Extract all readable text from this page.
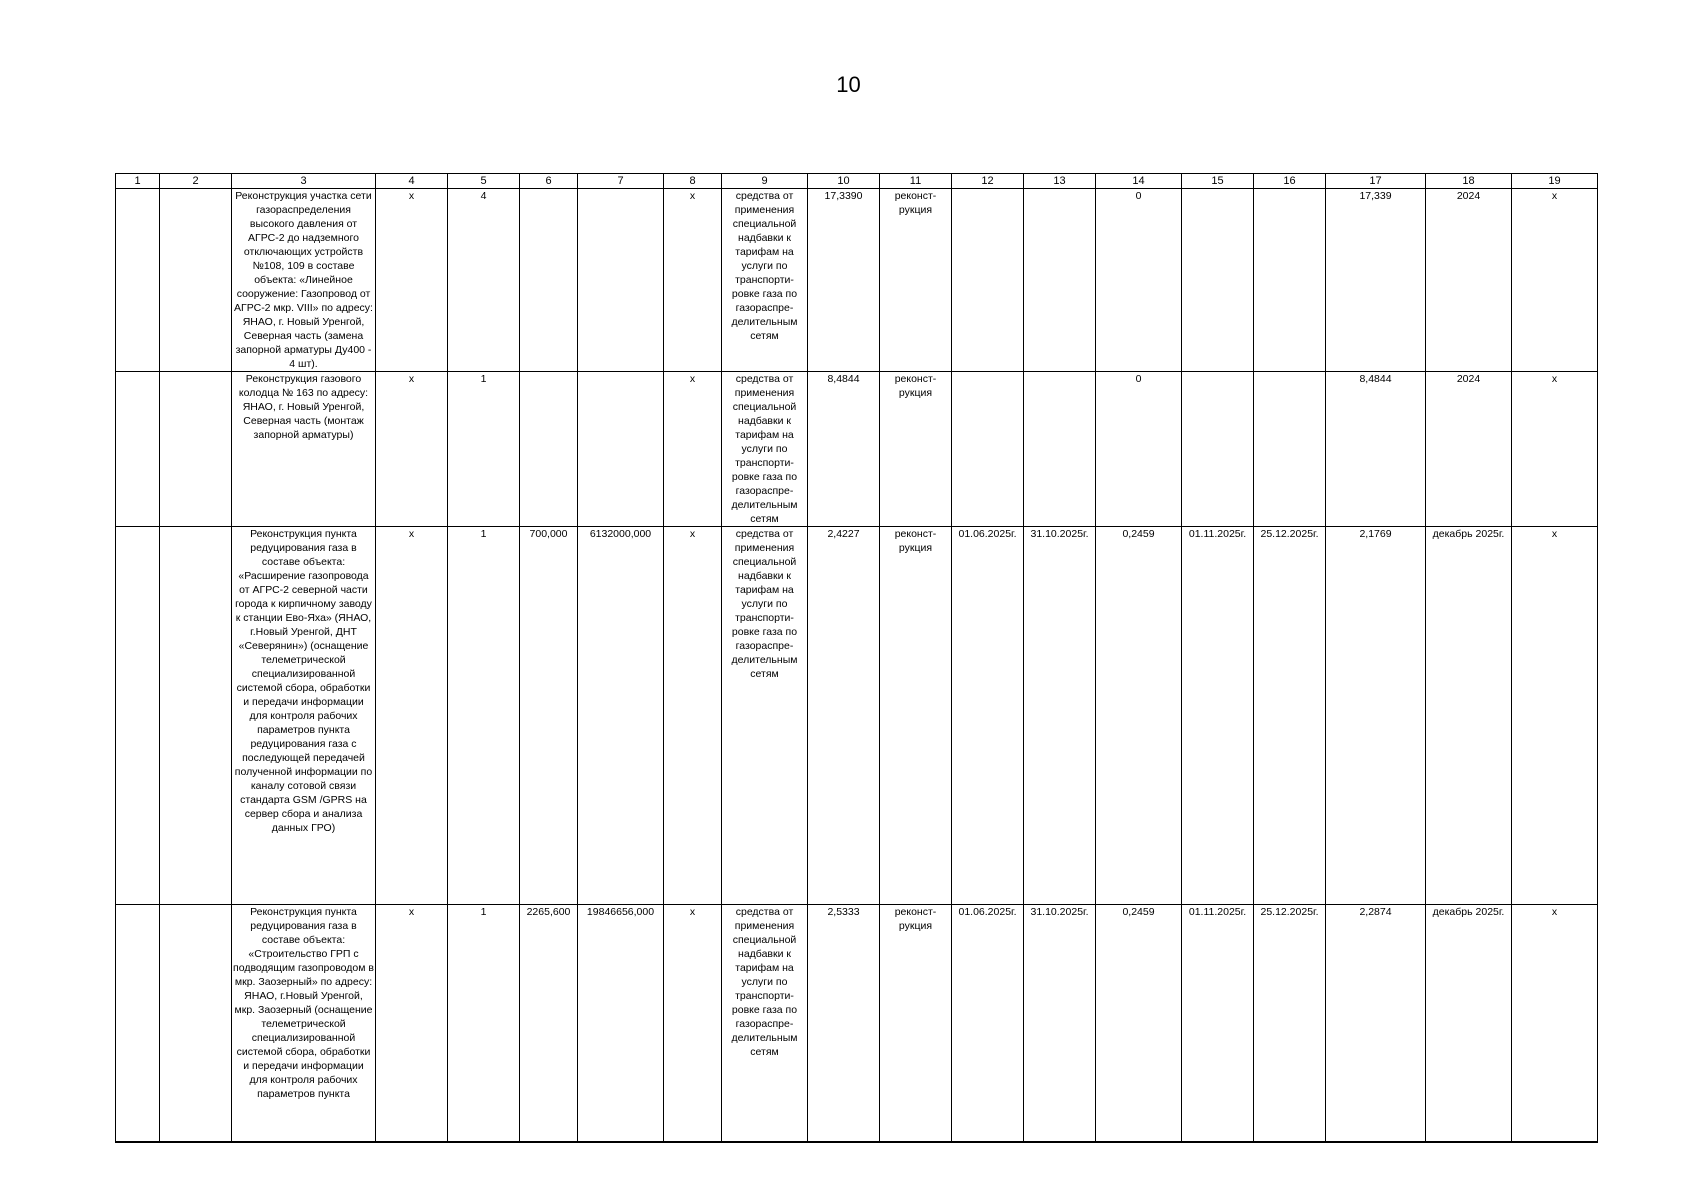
10
1	2	3	4	5	6	7	8	9	10	11	12	13	14	15	16	17	18	19
		Реконструкция участка сети газораспределения высокого давления от АГРС-2 до надземного отключающих устройств №108, 109 в составе объекта: «Линейное сооружение: Газопровод от АГРС-2 мкр. VIII» по адресу: ЯНАО, г. Новый Уренгой, Северная часть (замена запорной арматуры Ду400 - 4 шт).	х	4			х	средства от применения специальной надбавки к тарифам на услуги по транспорти-ровке газа по газораспре-делительным сетям	17,3390	реконст-рукция			0			17,339	2024	х
		Реконструкция газового колодца № 163 по адресу: ЯНАО, г. Новый Уренгой, Северная часть (монтаж запорной арматуры)	х	1			х	средства от применения специальной надбавки к тарифам на услуги по транспорти-ровке газа по газораспре-делительным сетям	8,4844	реконст-рукция			0			8,4844	2024	х
		Реконструкция пункта редуцирования газа в составе объекта: «Расширение газопровода от АГРС-2 северной части города к кирпичному заводу к станции Ево-Яха» (ЯНАО, г.Новый Уренгой, ДНТ «Северянин») (оснащение телеметрической специализированной системой сбора, обработки и передачи информации для контроля рабочих параметров пункта редуцирования газа с последующей передачей полученной информации по каналу сотовой связи стандарта GSM /GPRS на сервер сбора и анализа данных ГРО)	х	1	700,000	6132000,000	х	средства от применения специальной надбавки к тарифам на услуги по транспорти-ровке газа по газораспре-делительным сетям	2,4227	реконст-рукция	01.06.2025г.	31.10.2025г.	0,2459	01.11.2025г.	25.12.2025г.	2,1769	декабрь 2025г.	х
		Реконструкция пункта редуцирования газа в составе объекта: «Строительство ГРП с подводящим газопроводом в мкр. Заозерный» по адресу: ЯНАО, г.Новый Уренгой, мкр. Заозерный (оснащение телеметрической специализированной системой сбора, обработки и передачи информации для контроля рабочих параметров пункта	х	1	2265,600	19846656,000	х	средства от применения специальной надбавки к тарифам на услуги по транспорти-ровке газа по газораспре-делительным сетям	2,5333	реконст-рукция	01.06.2025г.	31.10.2025г.	0,2459	01.11.2025г.	25.12.2025г.	2,2874	декабрь 2025г.	х
